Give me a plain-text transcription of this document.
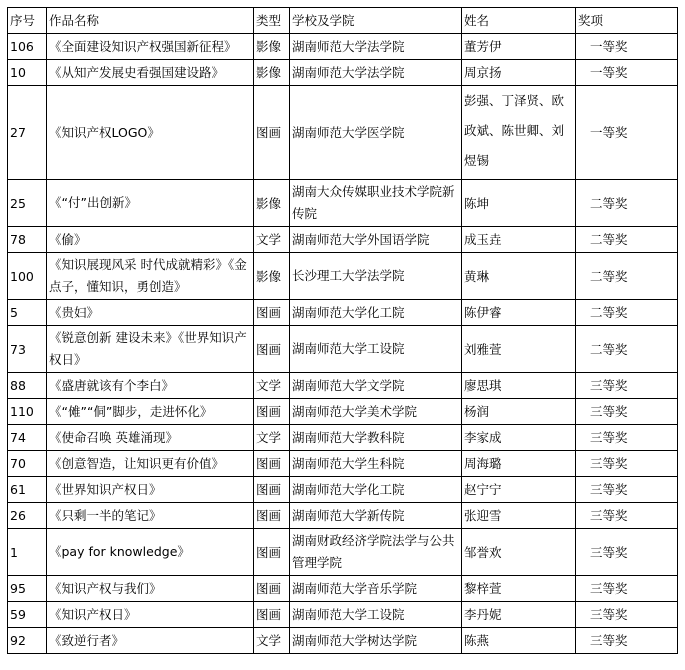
序号	作品名称	类型	学校及学院	姓名	奖项
106	《全面建设知识产权强国新征程》	影像	湖南师范大学法学院	董芳伊	一等奖
10	《从知产发展史看强国建设路》	影像	湖南师范大学法学院	周京扬	一等奖
27	《知识产权LOGO》	图画	湖南师范大学医学院	彭强、丁泽贤、欧政斌、陈世卿、刘煜锡	一等奖
25	《“付”出创新》	影像	湖南大众传媒职业技术学院新传院	陈坤	二等奖
78	《偷》	文学	湖南师范大学外国语学院	成玉垚	二等奖
100	《知识展现风采 时代成就精彩》《金点子，懂知识，勇创造》	影像	长沙理工大学法学院	黄琳	二等奖
5	《贵妇》	图画	湖南师范大学化工院	陈伊睿	二等奖
73	《锐意创新 建设未来》《世界知识产权日》	图画	湖南师范大学工设院	刘雅萱	二等奖
88	《盛唐就该有个李白》	文学	湖南师范大学文学院	廖思琪	三等奖
110	《“傩”“侗”脚步，走进怀化》	图画	湖南师范大学美术学院	杨润	三等奖
74	《使命召唤 英雄涌现》	文学	湖南师范大学教科院	李家成	三等奖
70	《创意智造，让知识更有价值》	图画	湖南师范大学生科院	周海璐	三等奖
61	《世界知识产权日》	图画	湖南师范大学化工院	赵宁宁	三等奖
26	《只剩一半的笔记》	图画	湖南师范大学新传院	张迎雪	三等奖
1	《pay for knowledge》	图画	湖南财政经济学院法学与公共管理学院	邹誉欢	三等奖
95	《知识产权与我们》	图画	湖南师范大学音乐学院	黎梓萱	三等奖
59	《知识产权日》	图画	湖南师范大学工设院	李丹妮	三等奖
92	《致逆行者》	文学	湖南师范大学树达学院	陈燕	三等奖
